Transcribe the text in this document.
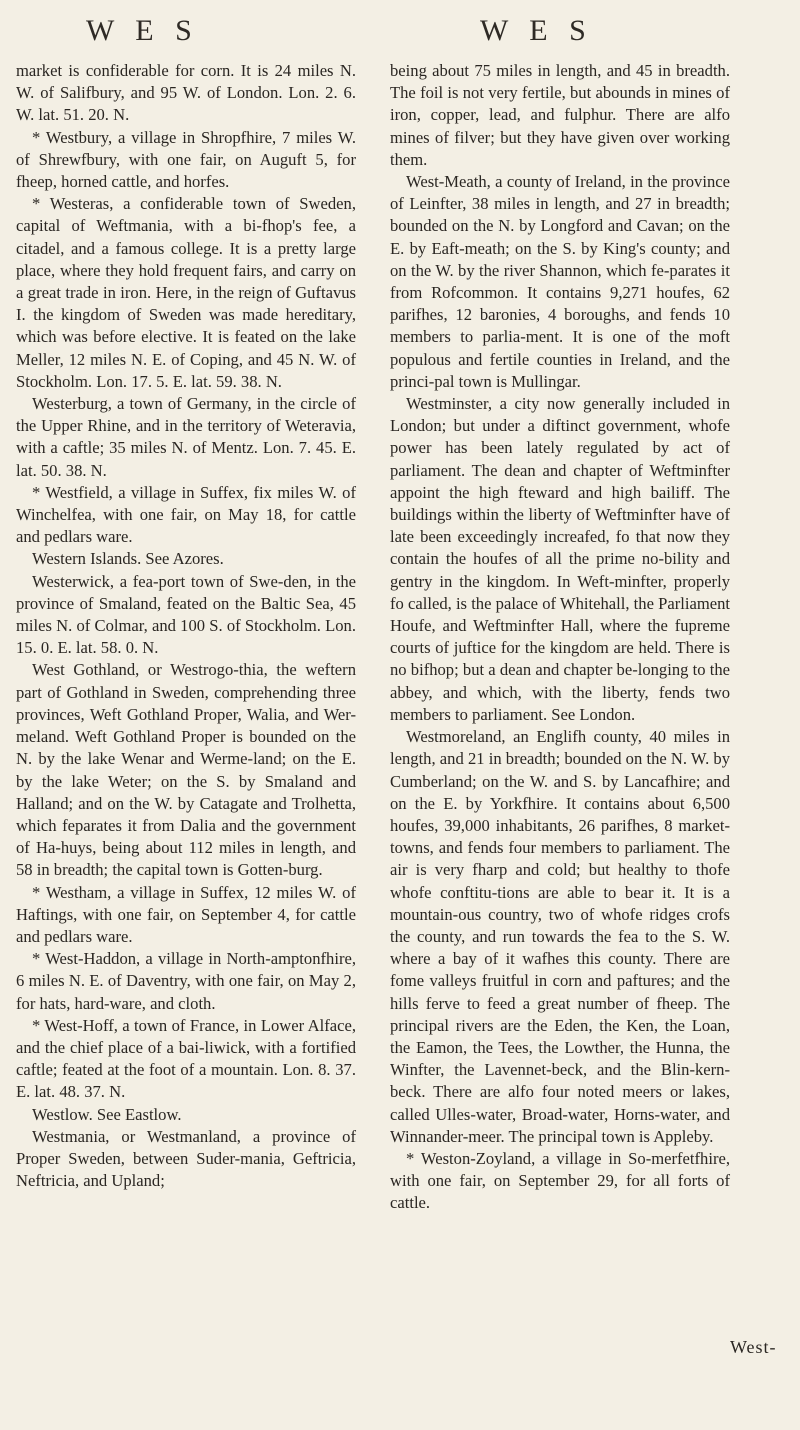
W E S	W E S

market is confiderable for corn. It is 24 miles N. W. of Salifbury, and 95 W. of London. Lon. 2. 6. W. lat. 51. 20. N.

* Westbury, a village in Shropfhire, 7 miles W. of Shrewfbury, with one fair, on Auguft 5, for fheep, horned cattle, and horfes.

* Westeras, a confiderable town of Sweden, capital of Weftmania, with a bi-fhop's fee, a citadel, and a famous college. It is a pretty large place, where they hold frequent fairs, and carry on a great trade in iron. Here, in the reign of Guftavus I. the kingdom of Sweden was made hereditary, which was before elective. It is feated on the lake Meller, 12 miles N. E. of Coping, and 45 N. W. of Stockholm. Lon. 17. 5. E. lat. 59. 38. N.

Westerburg, a town of Germany, in the circle of the Upper Rhine, and in the territory of Weteravia, with a caftle; 35 miles N. of Mentz. Lon. 7. 45. E. lat. 50. 38. N.

* Westfield, a village in Suffex, fix miles W. of Winchelfea, with one fair, on May 18, for cattle and pedlars ware.

Western Islands. See Azores.

Westerwick, a fea-port town of Swe-den, in the province of Smaland, feated on the Baltic Sea, 45 miles N. of Colmar, and 100 S. of Stockholm. Lon. 15. 0. E. lat. 58. 0. N.

West Gothland, or Westrogo-thia, the weftern part of Gothland in Sweden, comprehending three provinces, Weft Gothland Proper, Walia, and Wer-meland. Weft Gothland Proper is bounded on the N. by the lake Wenar and Werme-land; on the E. by the lake Weter; on the S. by Smaland and Halland; and on the W. by Catagate and Trolhetta, which feparates it from Dalia and the government of Ha-huys, being about 112 miles in length, and 58 in breadth; the capital town is Gotten-burg.

* Westham, a village in Suffex, 12 miles W. of Haftings, with one fair, on September 4, for cattle and pedlars ware.

* West-Haddon, a village in North-amptonfhire, 6 miles N. E. of Daventry, with one fair, on May 2, for hats, hard-ware, and cloth.

* West-Hoff, a town of France, in Lower Alface, and the chief place of a bai-liwick, with a fortified caftle; feated at the foot of a mountain. Lon. 8. 37. E. lat. 48. 37. N.

Westlow. See Eastlow.

Westmania, or Westmanland, a province of Proper Sweden, between Suder-mania, Geftricia, Neftricia, and Upland;

being about 75 miles in length, and 45 in breadth. The foil is not very fertile, but abounds in mines of iron, copper, lead, and fulphur. There are alfo mines of filver; but they have given over working them.

West-Meath, a county of Ireland, in the province of Leinfter, 38 miles in length, and 27 in breadth; bounded on the N. by Longford and Cavan; on the E. by Eaft-meath; on the S. by King's county; and on the W. by the river Shannon, which fe-parates it from Rofcommon. It contains 9,271 houfes, 62 parifhes, 12 baronies, 4 boroughs, and fends 10 members to parlia-ment. It is one of the moft populous and fertile counties in Ireland, and the princi-pal town is Mullingar.

Westminster, a city now generally included in London; but under a diftinct government, whofe power has been lately regulated by act of parliament. The dean and chapter of Weftminfter appoint the high fteward and high bailiff. The buildings within the liberty of Weftminfter have of late been exceedingly increafed, fo that now they contain the houfes of all the prime no-bility and gentry in the kingdom. In Weft-minfter, properly fo called, is the palace of Whitehall, the Parliament Houfe, and Weftminfter Hall, where the fupreme courts of juftice for the kingdom are held. There is no bifhop; but a dean and chapter be-longing to the abbey, and which, with the liberty, fends two members to parliament. See London.

Westmoreland, an Englifh county, 40 miles in length, and 21 in breadth; bounded on the N. W. by Cumberland; on the W. and S. by Lancafhire; and on the E. by Yorkfhire. It contains about 6,500 houfes, 39,000 inhabitants, 26 parifhes, 8 market-towns, and fends four members to parliament. The air is very fharp and cold; but healthy to thofe whofe conftitu-tions are able to bear it. It is a mountain-ous country, two of whofe ridges crofs the county, and run towards the fea to the S. W. where a bay of it wafhes this county. There are fome valleys fruitful in corn and paftures; and the hills ferve to feed a great number of fheep. The principal rivers are the Eden, the Ken, the Loan, the Eamon, the Tees, the Lowther, the Hunna, the Winfter, the Lavennet-beck, and the Blin-kern-beck. There are alfo four noted meers or lakes, called Ulles-water, Broad-water, Horns-water, and Winnander-meer. The principal town is Appleby.

* Weston-Zoyland, a village in So-merfetfhire, with one fair, on September 29, for all forts of cattle.

West-
